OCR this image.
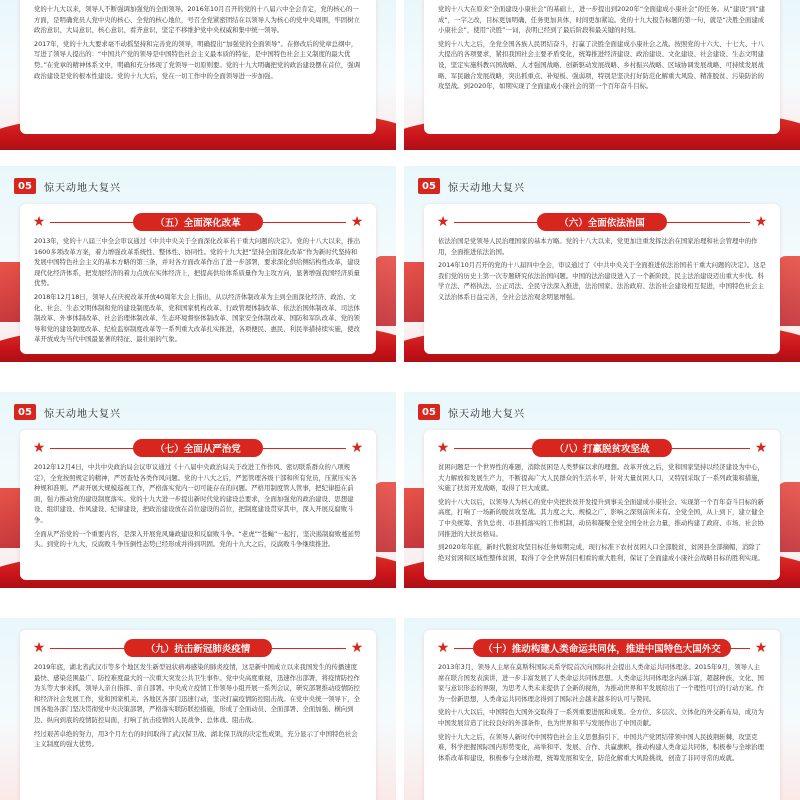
党的十九大以来，领导人不断强调加强党的全面领导。2016年10月召开的党的十八届六中全会肯定，党的核心的一方面，是明确党员人党中央的核心、全党的核心地位，号召全党紧密团结在以领导人为核心的党中央周围，牢固树立政治意识、大局意识、核心意识、看齐意识，坚定不移维护党中央权威和集中统一领导。

2017年，党的十九大要求毫不动摇坚持和完善党的领导，明确提出“加强党的全面领导”。在修改后的党章总纲中，写进了领导人提出的：“中国共产党的领导是中国特色社会主义最本质的特征，是中国特色社会主义制度的最大优势。”在党章的精神体系文中，明确和充分体现了党领导一切原则要。党的十九大明确把党的政治建设摆在首位，强调政治建设是党的根本性建设。党的十九大后，党在一切工作中的全面领导进一步加强。

党的十八大在原来“全面建设小康社会”的基础上，进一步提出到2020年“全面建成小康社会”的任务。从“建设”到“建成”，一字之改，目标更加明确，任务更加具体，时间更加紧迫。党的十九大报告标题的第一句，就是“决胜全面建成小康社会”，使用“决胜”一词，表明已经到了最后阶段和最关键的时刻。

党的十八大之后，全党全国各族人民团结奋斗，打赢了决胜全面建成小康社会之战。按照党的十六大、十七大、十八大提出的各项要求，紧扣我国社会主要矛盾变化，统筹推进经济建设、政治建设、文化建设、社会建设、生态文明建设，坚定实施科教兴国战略、人才强国战略、创新驱动发展战略、乡村振兴战略、区域协调发展战略、可持续发展战略、军民融合发展战略，突出抓重点、补短板、强弱项，特别是坚决打好防范化解重大风险、精准脱贫、污染防治的攻坚战。到2020年，如期实现了全面建成小康社会的第一个百年奋斗目标。

05	惊天动地大复兴
★	（五）全面深化改革	★

2013年，党的十八届三中全会审议通过《中共中央关于全面深化改革若干重大问题的决定》。党的十八大以来，推出1600多项改革方案，着力增强改革系统性、整体性、协同性。党的十九大把“坚持全面深化改革”作为新时代坚持和发展中国特色社会主义的基本方略的第三条，并对各方面改革作出了进一步部署，要求深化供给侧结构性改革，建设现代化经济体系，把发展经济的着力点放在实体经济上，把提高供给体系质量作为主攻方向，显著增强我国经济质量优势。

2018年12月18日，领导人在庆祝改革开放40周年大会上指出，从以经济体制改革为主到全面深化经济、政治、文化、社会、生态文明体制和党的建设制度改革，党和国家机构改革、行政管理体制改革、依法治国体制改革、司法体制改革、外事体制改革、社会治理体制改革、生态环境督察体制改革、国家安全体制改革、国防和军队改革、党的领导和党的建设制度改革、纪检监察制度改革等一系列重大改革扎实推进，各项便民、惠民、利民举措持续实施，使改革开放成为当代中国最显著的特征、最壮丽的气象。

05	惊天动地大复兴
★	（六）全面依法治国	★

依法治国是党领导人民治理国家的基本方略。党的十八大以来，党更加注重发挥法治在国家治理和社会管理中的作用，全面推进依法治国。

2014年10月召开的党的十八届四中全会，审议通过了《中共中央关于全面推进依法治国若干重大问题的决定》。这是我们党的历史上第一次专题研究依法治国问题。中国的法治建设进入了一个新阶段，民主法治建设迈出重大步伐。科学立法、严格执法、公正司法、全民守法深入推进，法治国家、法治政府、法治社会建设相互促进，中国特色社会主义法治体系日益完善，全社会法治观念明显增强。

05	惊天动地大复兴
★	（七）全面从严治党	★

2012年12月4日，中共中央政治局会议审议通过《十八届中央政治局关于改进工作作风、密切联系群众的八项规定》，全党按照规定的精神，严厉查处各类作风问题。党的十八大之后，严惩管理各级干部和所有党员，压紧压实各种规和准则。严肃开展大规模巡视工作，严格落实党内一切可能存在的问题。严格用制度管人管事，把纪律挺在前面，强力推动党的建设制度落实。党的十九大进一步提出新时代党的建设总要求，全面加强党的政治建设、思想建设、组织建设、作风建设、纪律建设，把政治建设放在首位建设的首位，把制度建设贯穿其中，深入开展反腐败斗争。

全面从严治党的一个重要内容，是深入开展党风廉政建设和反腐败斗争。“老虎”“苍蝇”一起打，坚决遏制腐败蔓延势头。到党的十九大，反腐败斗争压倒性态势已经形成并得到巩固。党的十九大之后，反腐败斗争继续推进。

05	惊天动地大复兴
★	（八）打赢脱贫攻坚战	★

贫困问题是一个世界性的难题，消除贫困是人类梦寐以求的理想。改革开放之后，党和国家坚持以经济建设为中心，大力解放和发展生产力，不断提高广大人民群众的生活水平，针对大量贫困人口，又特别采取了一系列政策和措施，实施了扶贫开发战略，取得了巨大成就。

党的十八大以后，以领导人为核心的党中央把扶贫开发提升到事关全面建成小康社会、实现第一个百年奋斗目标的新高度，打响了一场新的脱贫攻坚战。其力度之大、规模之广、影响之深刻前所未有。全党全国，从上到下，建立健全了中央统筹、省负总责、市县抓落实的工作机制，动员和凝聚全党全国全社会力量，推动构建了政府、市场、社会协同推进的大扶贫格局。

到2020年年底，新时代脱贫攻坚目标任务如期完成，现行标准下农村贫困人口全部脱贫，贫困县全部摘帽，消除了绝对贫困和区域性整体贫困，取得了令全世界刮目相看的重大胜利，保证了全面建成小康社会战略目标的胜利实现。

★	（九）抗击新冠肺炎疫情	★

2019年底，湖北省武汉市等多个地区发生新型冠状病毒感染的肺炎疫情，这是新中国成立以来我国发生的传播速度最快、感染范围最广、防控难度最大的一次重大突发公共卫生事件。党中央高度重视，迅速作出部署，将疫情防控作为头等大事来抓，领导人亲自指挥、亲自部署。中央成立疫情工作领导小组开展一系列会议，研究部署推动疫情防控和经济社会发展工作，党和国家机关、各地区各部门迅速行动，坚决打赢疫情防控阻击战。在党中央统一领导下，全国各地各部门坚决贯彻党中央决策部署，严格落实联防联控措施，形成了全面动员、全面部署、全面加强、横向到边、纵向到底的疫情防控局面，打响了抗击疫情的人民战争、总体战、阻击战。

经过艰苦卓绝的努力，用3个月左右的时间取得了武汉保卫战、湖北保卫战的决定性成果，充分显示了中国特色社会主义制度的强大优势。

★	（十）推动构建人类命运共同体，推进中国特色大国外交	★

2013年3月，领导人主席在莫斯科国际关系学院首次向国际社会提出人类命运共同体理念。2015年9月，领导人主席在联合国发表演讲，进一步丰富发展了人类命运共同体思想。人类命运共同体理念内涵丰富，超越种族、文化、国家与意识形态的界限，为思考人类未来提供了全新的视角，为推动世界和平发展给出了一个理性可行的行动方案。作为一份新思想，人类命运共同体理念得到了国际社会越来越多的认可与赞同。

党的十八大以后，中国特色大国外交取得了一系列重要进展和成果。全方位、多层次、立体化的外交新布局，成功为中国发展营造了比较良好的外部条件，也为世界和平与发展作出了中国贡献。

党的十九大之后，在领导人新时代中国特色社会主义思想指引下，中国共产党团结带领中国人民披荆斩棘，攻坚克难，科学把握国际国内形势变化，高举和平、发展、合作、共赢旗帜，推动构建人类命运共同体，积极参与全球治理体系改革和建设，积极参与全球治理，统筹发展和安全，防范化解重大风险挑战，创造了非同寻常的成就。
